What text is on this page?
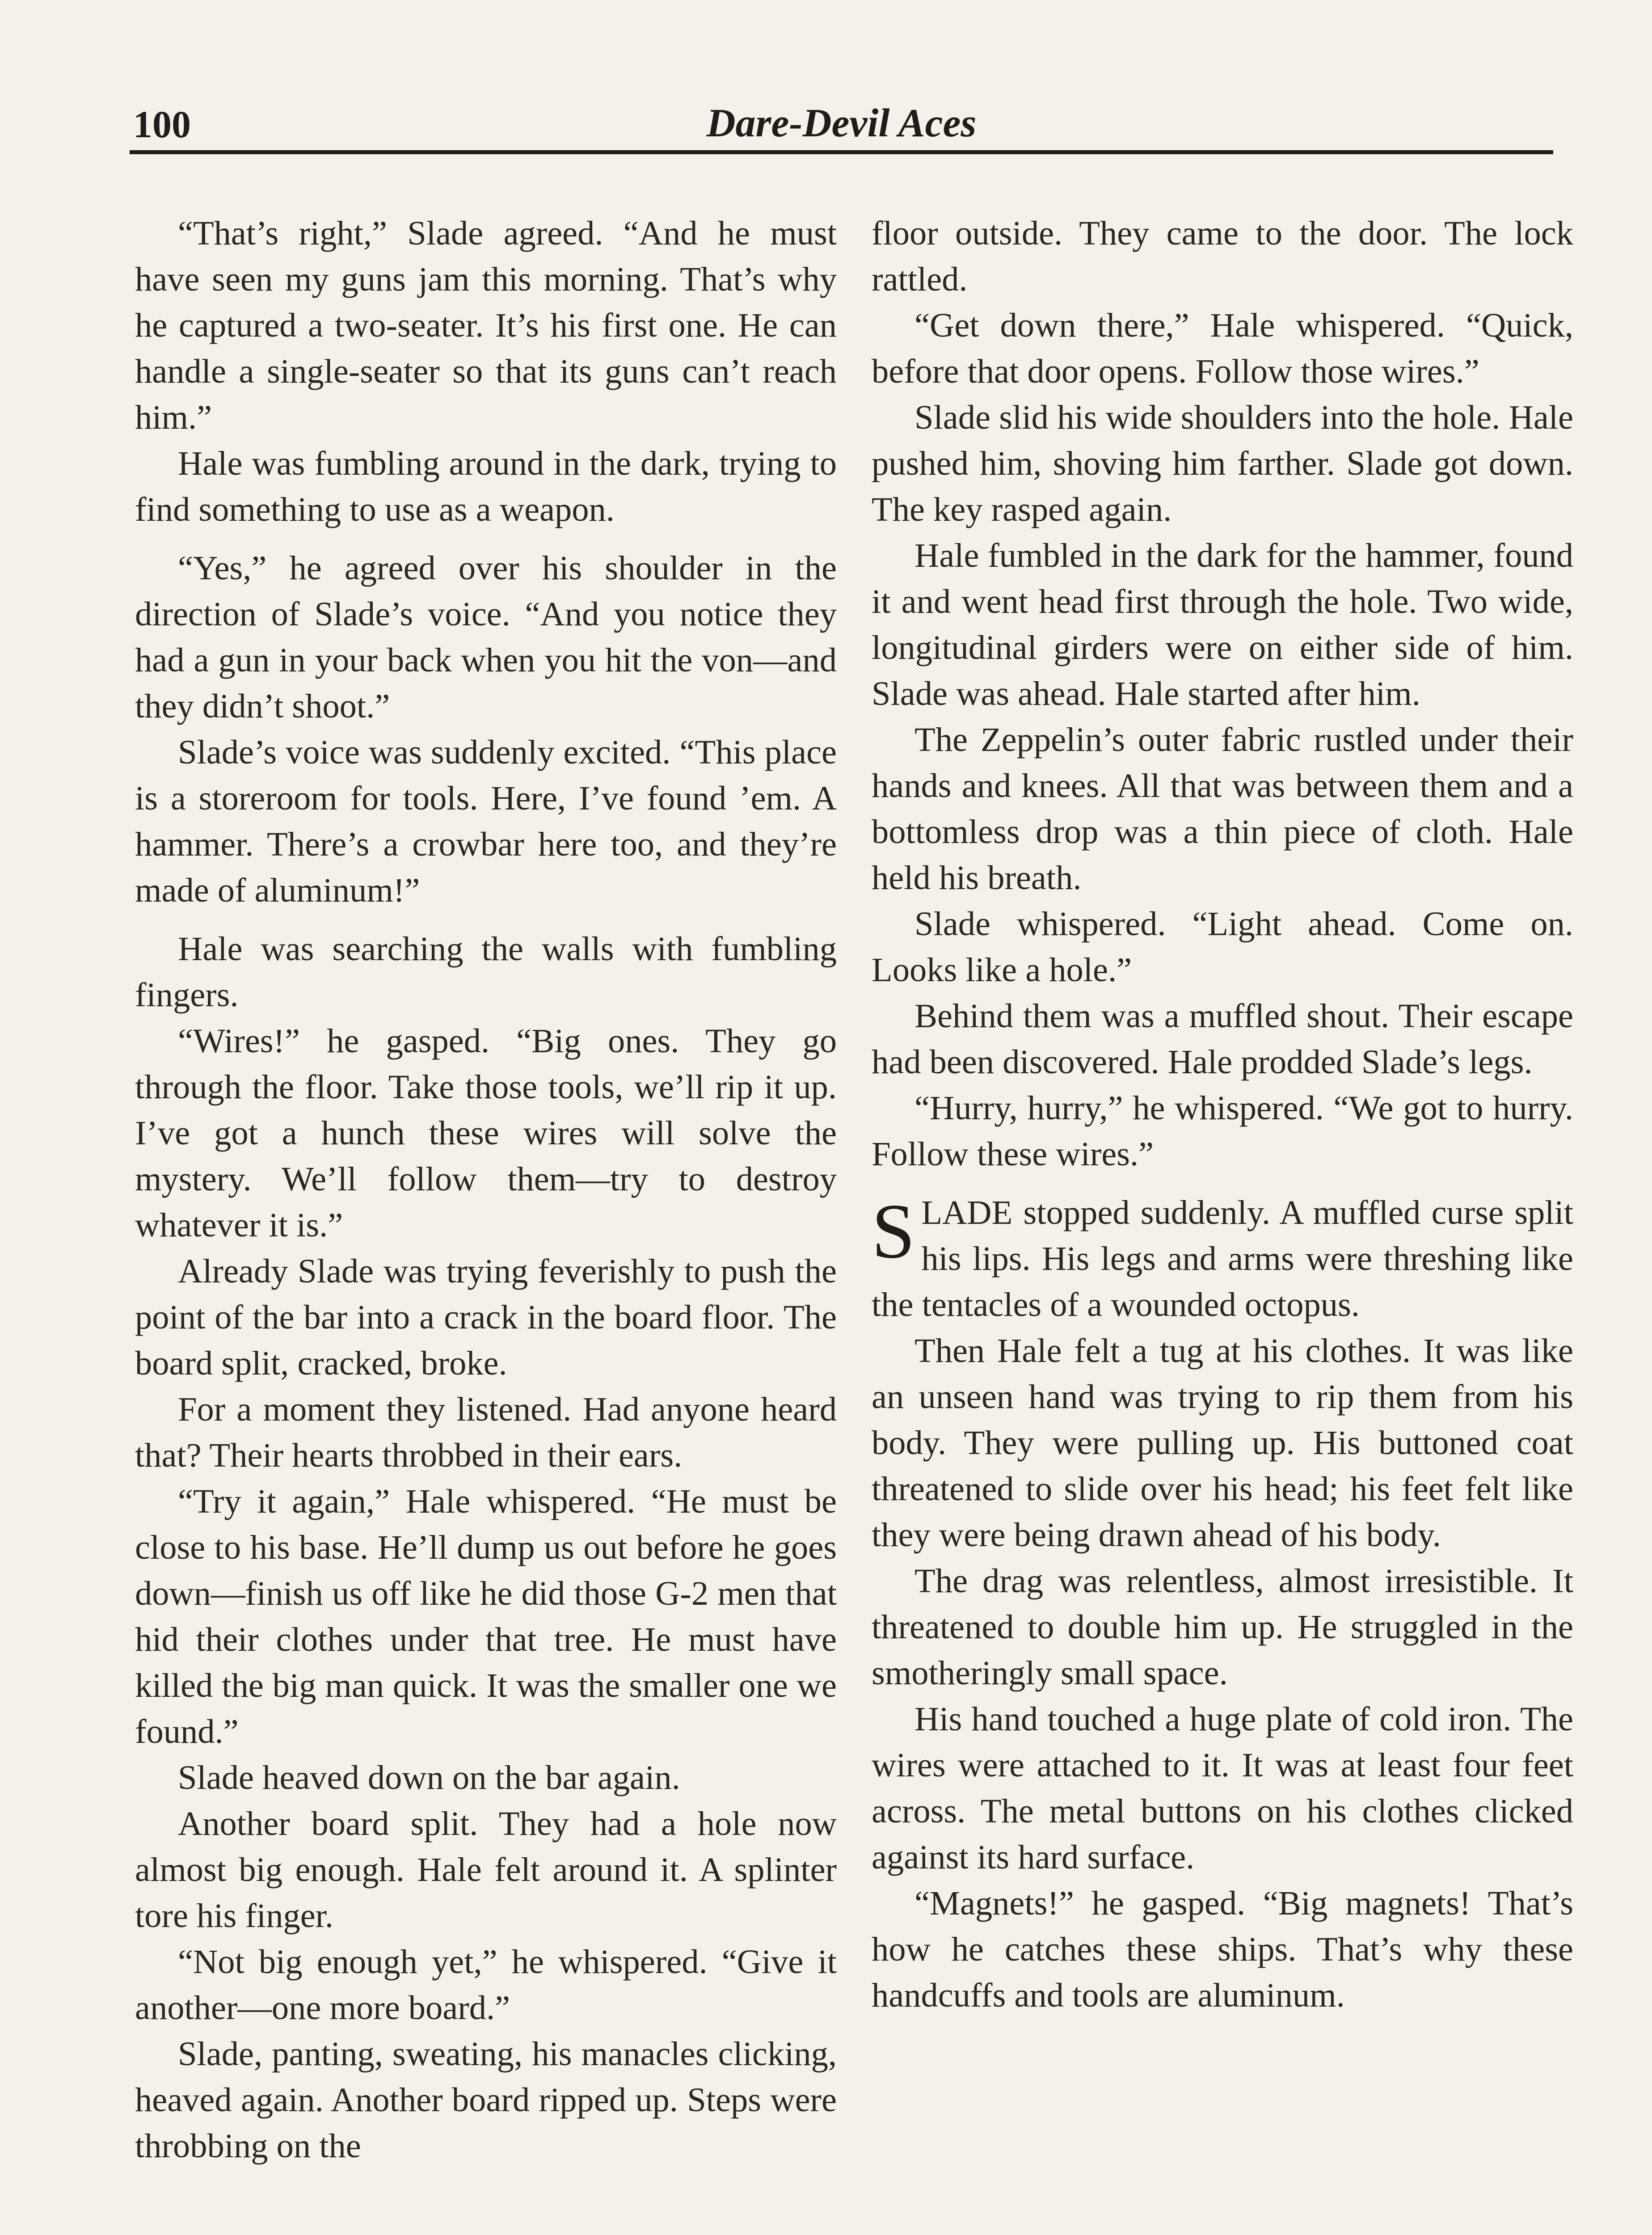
100	Dare-Devil Aces

“That’s right,” Slade agreed. “And he must have seen my guns jam this morning. That’s why he captured a two-seater. It’s his first one. He can handle a single-seater so that its guns can’t reach him.”

Hale was fumbling around in the dark, trying to find something to use as a weapon.

“Yes,” he agreed over his shoulder in the direction of Slade’s voice. “And you notice they had a gun in your back when you hit the von—and they didn’t shoot.”

Slade’s voice was suddenly excited. “This place is a storeroom for tools. Here, I’ve found ’em. A hammer. There’s a crowbar here too, and they’re made of aluminum!”

Hale was searching the walls with fumbling fingers.

“Wires!” he gasped. “Big ones. They go through the floor. Take those tools, we’ll rip it up. I’ve got a hunch these wires will solve the mystery. We’ll follow them—try to destroy whatever it is.”

Already Slade was trying feverishly to push the point of the bar into a crack in the board floor. The board split, cracked, broke.

For a moment they listened. Had anyone heard that? Their hearts throbbed in their ears.

“Try it again,” Hale whispered. “He must be close to his base. He’ll dump us out before he goes down—finish us off like he did those G-2 men that hid their clothes under that tree. He must have killed the big man quick. It was the smaller one we found.”

Slade heaved down on the bar again.

Another board split. They had a hole now almost big enough. Hale felt around it. A splinter tore his finger.

“Not big enough yet,” he whispered. “Give it another—one more board.”

Slade, panting, sweating, his manacles clicking, heaved again. Another board ripped up. Steps were throbbing on the

floor outside. They came to the door. The lock rattled.

“Get down there,” Hale whispered. “Quick, before that door opens. Follow those wires.”

Slade slid his wide shoulders into the hole. Hale pushed him, shoving him farther. Slade got down. The key rasped again.

Hale fumbled in the dark for the hammer, found it and went head first through the hole. Two wide, longitudinal girders were on either side of him. Slade was ahead. Hale started after him.

The Zeppelin’s outer fabric rustled under their hands and knees. All that was between them and a bottomless drop was a thin piece of cloth. Hale held his breath.

Slade whispered. “Light ahead. Come on. Looks like a hole.”

Behind them was a muffled shout. Their escape had been discovered. Hale prodded Slade’s legs.

“Hurry, hurry,” he whispered. “We got to hurry. Follow these wires.”

SLADE stopped suddenly. A muffled curse split his lips. His legs and arms were threshing like the tentacles of a wounded octopus.

Then Hale felt a tug at his clothes. It was like an unseen hand was trying to rip them from his body. They were pulling up. His buttoned coat threatened to slide over his head; his feet felt like they were being drawn ahead of his body.

The drag was relentless, almost irresistible. It threatened to double him up. He struggled in the smotheringly small space.

His hand touched a huge plate of cold iron. The wires were attached to it. It was at least four feet across. The metal buttons on his clothes clicked against its hard surface.

“Magnets!” he gasped. “Big magnets! That’s how he catches these ships. That’s why these handcuffs and tools are aluminum.
